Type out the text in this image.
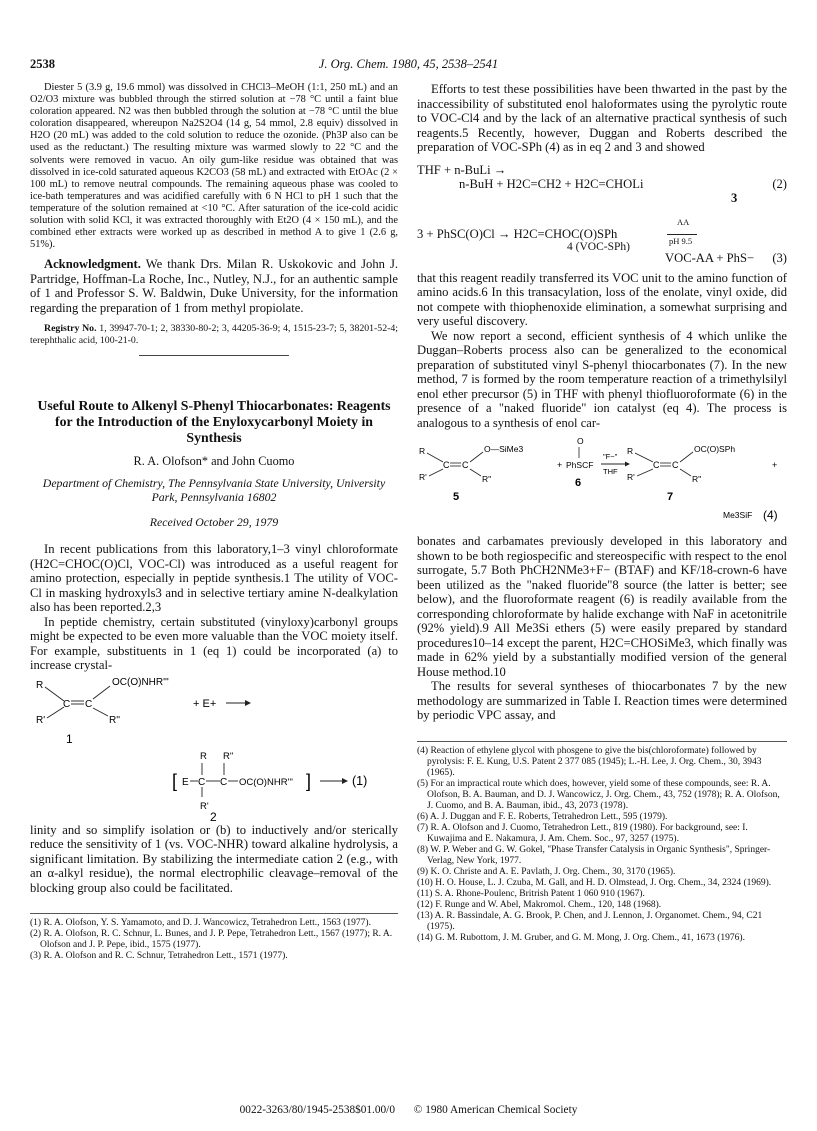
2538	J. Org. Chem. 1980, 45, 2538–2541

Diester 5 (3.9 g, 19.6 mmol) was dissolved in CHCl3–MeOH (1:1, 250 mL) and an O2/O3 mixture was bubbled through the stirred solution at −78 °C until a faint blue coloration appeared. N2 was then bubbled through the solution at −78 °C until the blue coloration disappeared, whereupon Na2S2O4 (14 g, 54 mmol, 2.8 equiv) dissolved in H2O (20 mL) was added to the cold solution to reduce the ozonide. (Ph3P also can be used as the reductant.) The resulting mixture was warmed slowly to 22 °C and the solvents were removed in vacuo. An oily gum-like residue was obtained that was dissolved in ice-cold saturated aqueous K2CO3 (58 mL) and extracted with EtOAc (2 × 100 mL) to remove neutral compounds. The remaining aqueous phase was cooled to ice-bath temperatures and was acidified carefully with 6 N HCl to pH 1 such that the temperature of the solution remained at <10 °C. After saturation of the ice-cold acidic solution with solid KCl, it was extracted thoroughly with Et2O (4 × 150 mL), and the combined ether extracts were worked up as described in method A to give 1 (2.6 g, 51%).

Acknowledgment. We thank Drs. Milan R. Uskokovic and John J. Partridge, Hoffman-La Roche, Inc., Nutley, N.J., for an authentic sample of 1 and Professor S. W. Baldwin, Duke University, for the information regarding the preparation of 1 from methyl propiolate.

Registry No. 1, 39947-70-1; 2, 38330-80-2; 3, 44205-36-9; 4, 1515-23-7; 5, 38201-52-4; terephthalic acid, 100-21-0.

Useful Route to Alkenyl S-Phenyl Thiocarbonates: Reagents for the Introduction of the Enyloxycarbonyl Moiety in Synthesis
R. A. Olofson* and John Cuomo
Department of Chemistry, The Pennsylvania State University, University Park, Pennsylvania 16802
Received October 29, 1979

In recent publications from this laboratory,1–3 vinyl chloroformate (H2C=CHOC(O)Cl, VOC-Cl) was introduced as a useful reagent for amino protection, especially in peptide synthesis.1 The utility of VOC-Cl in masking hydroxyls3 and in selective tertiary amine N-dealkylation also has been reported.2,3

In peptide chemistry, certain substituted (vinyloxy)carbonyl groups might be expected to be even more valuable than the VOC moiety itself. For example, substituents in 1 (eq 1) could be incorporated (a) to increase crystal-

R
C C
OC(O)NHR'''
R'	R''
+ E+
1
R R''
[ E C C OC(O)NHR''' ]
R'
(1)
2

linity and so simplify isolation or (b) to inductively and/or sterically reduce the sensitivity of 1 (vs. VOC-NHR) toward alkaline hydrolysis, a significant limitation. By stabilizing the intermediate cation 2 (e.g., with an α-alkyl residue), the normal electrophilic cleavage–removal of the blocking group also could be facilitated.

(1) R. A. Olofson, Y. S. Yamamoto, and D. J. Wancowicz, Tetrahedron Lett., 1563 (1977).

(2) R. A. Olofson, R. C. Schnur, L. Bunes, and J. P. Pepe, Tetrahedron Lett., 1567 (1977); R. A. Olofson and J. P. Pepe, ibid., 1575 (1977).

(3) R. A. Olofson and R. C. Schnur, Tetrahedron Lett., 1571 (1977).

Efforts to test these possibilities have been thwarted in the past by the inaccessibility of substituted enol haloformates using the pyrolytic route to VOC-Cl4 and by the lack of an alternative practical synthesis of such reagents.5 Recently, however, Duggan and Roberts described the preparation of VOC-SPh (4) as in eq 2 and 3 and showed

THF + n-BuLi →
n-BuH + H2C=CH2 + H2C=CHOLi	(2)
3
3 + PhSC(O)Cl → H2C=CHOC(O)SPh
AA
pH 9.5
4 (VOC-SPh)
VOC-AA + PhS− (3)

that this reagent readily transferred its VOC unit to the amino function of amino acids.6 In this transacylation, loss of the enolate, vinyl oxide, did not compete with thiophenoxide elimination, a somewhat surprising and very useful discovery.

We now report a second, efficient synthesis of 4 which unlike the Duggan–Roberts process also can be generalized to the economical preparation of substituted vinyl S-phenyl thiocarbonates (7). In the new method, 7 is formed by the room temperature reaction of a trimethylsilyl enol ether precursor (5) in THF with phenyl thiofluoroformate (6) in the presence of a "naked fluoride" ion catalyst (eq 4). The process is analogous to a synthesis of enol car-

R
C C
O—SiMe3
R'	R''
+
O
PhSCF
"F−"
THF
R
C C
OC(O)SPh
R'	R''
+
5
6
7
Me3SiF (4)

bonates and carbamates previously developed in this laboratory and shown to be both regiospecific and stereospecific with respect to the enol surrogate, 5.7 Both PhCH2NMe3+F− (BTAF) and KF/18-crown-6 have been utilized as the "naked fluoride"8 source (the latter is better; see below), and the fluoroformate reagent (6) is readily available from the corresponding chloroformate by halide exchange with NaF in acetonitrile (92% yield).9 All Me3Si ethers (5) were easily prepared by standard procedures10–14 except the parent, H2C=CHOSiMe3, which finally was made in 62% yield by a substantially modified version of the general House method.10

The results for several syntheses of thiocarbonates 7 by the new methodology are summarized in Table I. Reaction times were determined by periodic VPC assay, and

(4) Reaction of ethylene glycol with phosgene to give the bis(chloroformate) followed by pyrolysis: F. E. Kung, U.S. Patent 2 377 085 (1945); L.-H. Lee, J. Org. Chem., 30, 3943 (1965).

(5) For an impractical route which does, however, yield some of these compounds, see: R. A. Olofson, B. A. Bauman, and D. J. Wancowicz, J. Org. Chem., 43, 752 (1978); R. A. Olofson, J. Cuomo, and B. A. Bauman, ibid., 43, 2073 (1978).

(6) A. J. Duggan and F. E. Roberts, Tetrahedron Lett., 595 (1979).

(7) R. A. Olofson and J. Cuomo, Tetrahedron Lett., 819 (1980). For background, see: I. Kuwajima and E. Nakamura, J. Am. Chem. Soc., 97, 3257 (1975).

(8) W. P. Weber and G. W. Gokel, "Phase Transfer Catalysis in Organic Synthesis", Springer-Verlag, New York, 1977.

(9) K. O. Christe and A. E. Pavlath, J. Org. Chem., 30, 3170 (1965).

(10) H. O. House, L. J. Czuba, M. Gall, and H. D. Olmstead, J. Org. Chem., 34, 2324 (1969).

(11) S. A. Rhone-Poulenc, Britrish Patent 1 060 910 (1967).

(12) F. Runge and W. Abel, Makromol. Chem., 120, 148 (1968).

(13) A. R. Bassindale, A. G. Brook, P. Chen, and J. Lennon, J. Organomet. Chem., 94, C21 (1975).

(14) G. M. Rubottom, J. M. Gruber, and G. M. Mong, J. Org. Chem., 41, 1673 (1976).

0022-3263/80/1945-2538$01.00/0 © 1980 American Chemical Society
